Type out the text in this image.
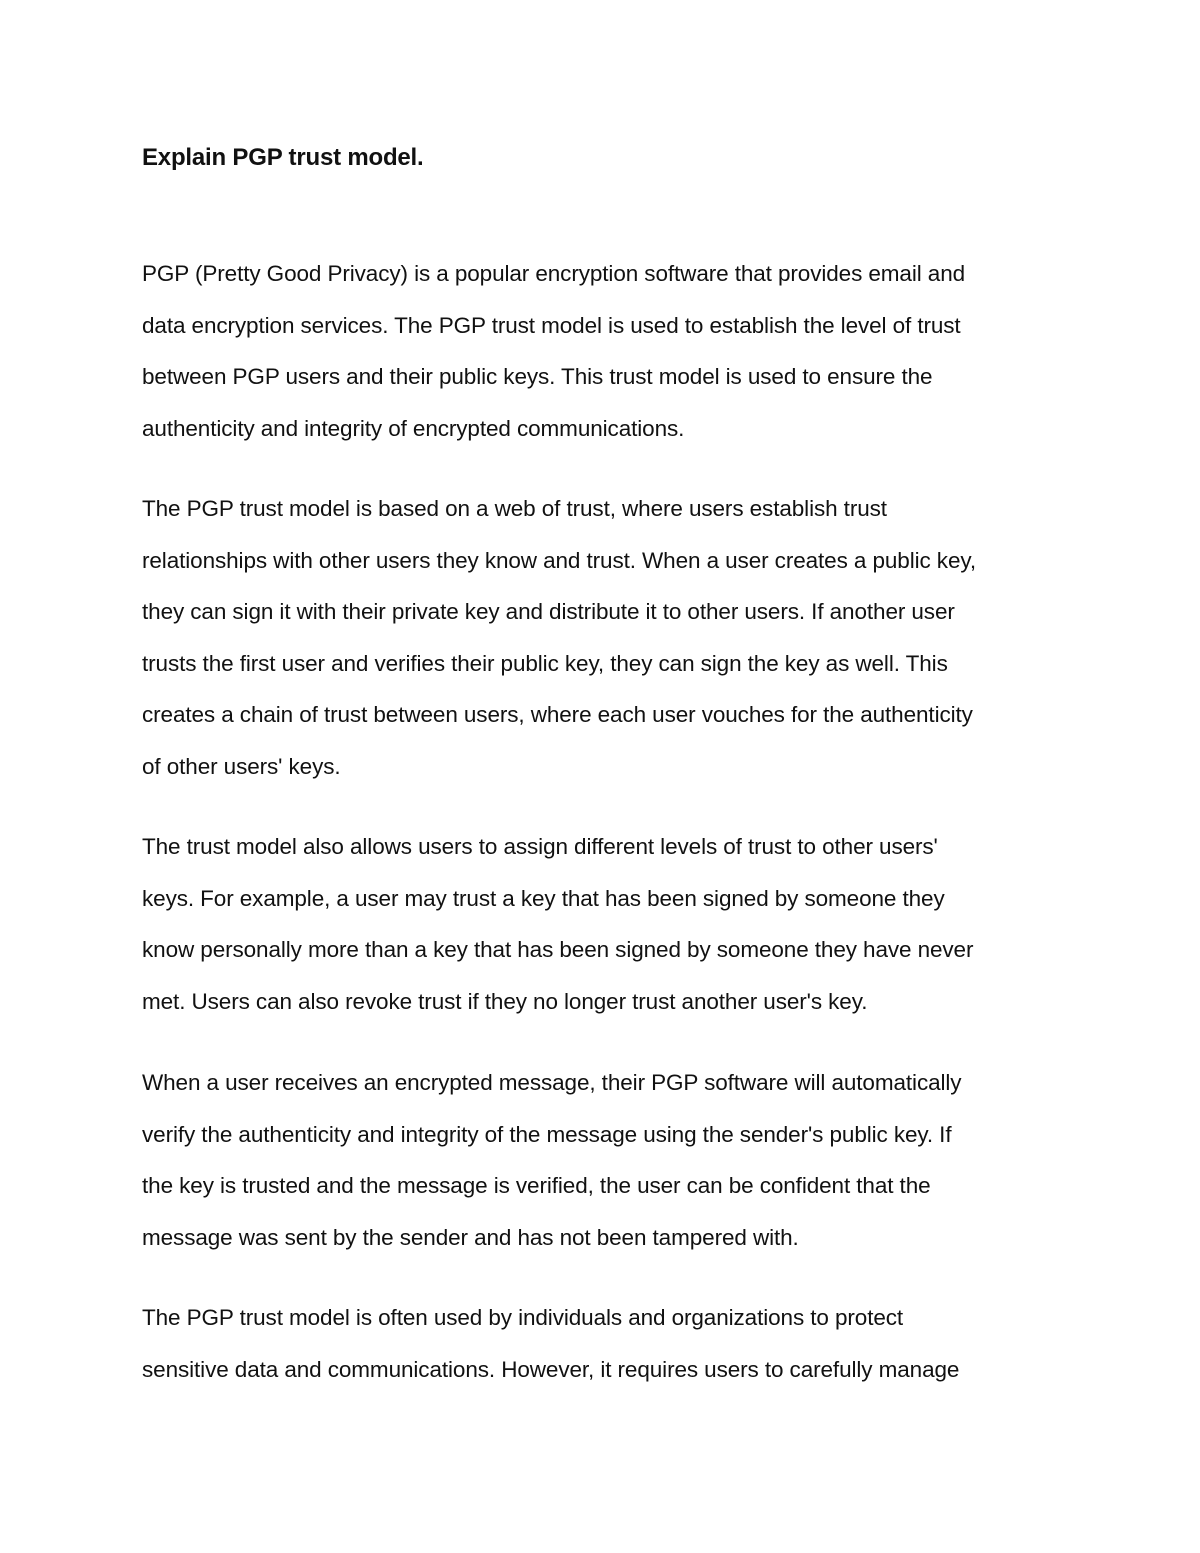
Explain PGP trust model.

PGP (Pretty Good Privacy) is a popular encryption software that provides email and
data encryption services. The PGP trust model is used to establish the level of trust
between PGP users and their public keys. This trust model is used to ensure the
authenticity and integrity of encrypted communications.

The PGP trust model is based on a web of trust, where users establish trust
relationships with other users they know and trust. When a user creates a public key,
they can sign it with their private key and distribute it to other users. If another user
trusts the first user and verifies their public key, they can sign the key as well. This
creates a chain of trust between users, where each user vouches for the authenticity
of other users' keys.

The trust model also allows users to assign different levels of trust to other users'
keys. For example, a user may trust a key that has been signed by someone they
know personally more than a key that has been signed by someone they have never
met. Users can also revoke trust if they no longer trust another user's key.

When a user receives an encrypted message, their PGP software will automatically
verify the authenticity and integrity of the message using the sender's public key. If
the key is trusted and the message is verified, the user can be confident that the
message was sent by the sender and has not been tampered with.

The PGP trust model is often used by individuals and organizations to protect
sensitive data and communications. However, it requires users to carefully manage
